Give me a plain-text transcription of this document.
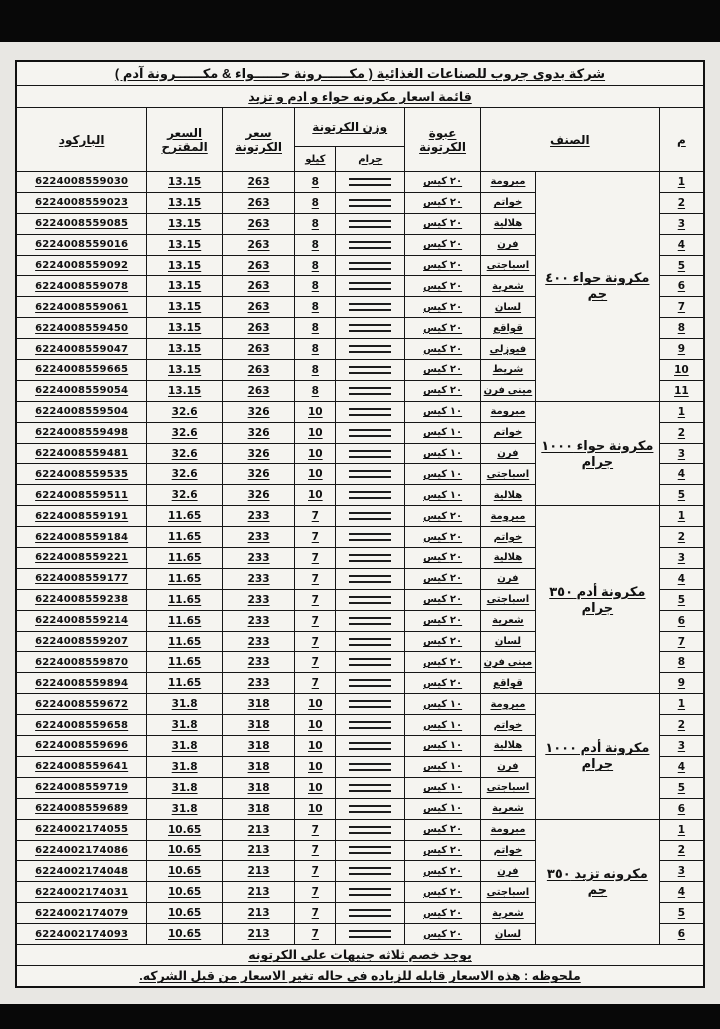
شركة بدوى جروب للصناعات الغذائية ( مكــــــرونة حــــــواء & مكــــــرونة آدم )								
قائمة اسعار مكرونه حواء و ادم و تزيد								
م	الصنف		عبوة الكرتونة	وزن الكرتونة		سعر الكرتونة	السعر المقترح	الباركود
				جرام	كيلو			
1	مكرونة حواء ٤٠٠ جم	مبرومة	٢٠ كيس		8	263	13.15	6224008559030
2		خواتم	٢٠ كيس		8	263	13.15	6224008559023
3		هلالية	٢٠ كيس		8	263	13.15	6224008559085
4		فرن	٢٠ كيس		8	263	13.15	6224008559016
5		اسباجتى	٢٠ كيس		8	263	13.15	6224008559092
6		شعرية	٢٠ كيس		8	263	13.15	6224008559078
7		لسان	٢٠ كيس		8	263	13.15	6224008559061
8		قواقع	٢٠ كيس		8	263	13.15	6224008559450
9		فيوزلى	٢٠ كيس		8	263	13.15	6224008559047
10		شريط	٢٠ كيس		8	263	13.15	6224008559665
11		مينى فرن	٢٠ كيس		8	263	13.15	6224008559054
1	مكرونة حواء ١٠٠٠ جرام	مبرومة	١٠ كيس		10	326	32.6	6224008559504
2		خواتم	١٠ كيس		10	326	32.6	6224008559498
3		فرن	١٠ كيس		10	326	32.6	6224008559481
4		اسباجتى	١٠ كيس		10	326	32.6	6224008559535
5		هلالية	١٠ كيس		10	326	32.6	6224008559511
1	مكرونة أدم ٣٥٠ جرام	مبرومة	٢٠ كيس		7	233	11.65	6224008559191
2		خواتم	٢٠ كيس		7	233	11.65	6224008559184
3		هلالية	٢٠ كيس		7	233	11.65	6224008559221
4		فرن	٢٠ كيس		7	233	11.65	6224008559177
5		اسباجتى	٢٠ كيس		7	233	11.65	6224008559238
6		شعرية	٢٠ كيس		7	233	11.65	6224008559214
7		لسان	٢٠ كيس		7	233	11.65	6224008559207
8		مينى فرن	٢٠ كيس		7	233	11.65	6224008559870
9		قواقع	٢٠ كيس		7	233	11.65	6224008559894
1	مكرونة أدم ١٠٠٠ جرام	مبرومة	١٠ كيس		10	318	31.8	6224008559672
2		خواتم	١٠ كيس		10	318	31.8	6224008559658
3		هلالية	١٠ كيس		10	318	31.8	6224008559696
4		فرن	١٠ كيس		10	318	31.8	6224008559641
5		اسباجتى	١٠ كيس		10	318	31.8	6224008559719
6		شعرية	١٠ كيس		10	318	31.8	6224008559689
1	مكرونه تزيد ٣٥٠ جم	مبرومة	٢٠ كيس		7	213	10.65	6224002174055
2		خواتم	٢٠ كيس		7	213	10.65	6224002174086
3		فرن	٢٠ كيس		7	213	10.65	6224002174048
4		اسباجتى	٢٠ كيس		7	213	10.65	6224002174031
5		شعرية	٢٠ كيس		7	213	10.65	6224002174079
6		لسان	٢٠ كيس		7	213	10.65	6224002174093
يوجد خصم ثلاثه جنيهات على الكرتونه								
ملحوظه : هذه الاسعار قابله للزياده فى حاله تغير الاسعار من قبل الشركه.								
